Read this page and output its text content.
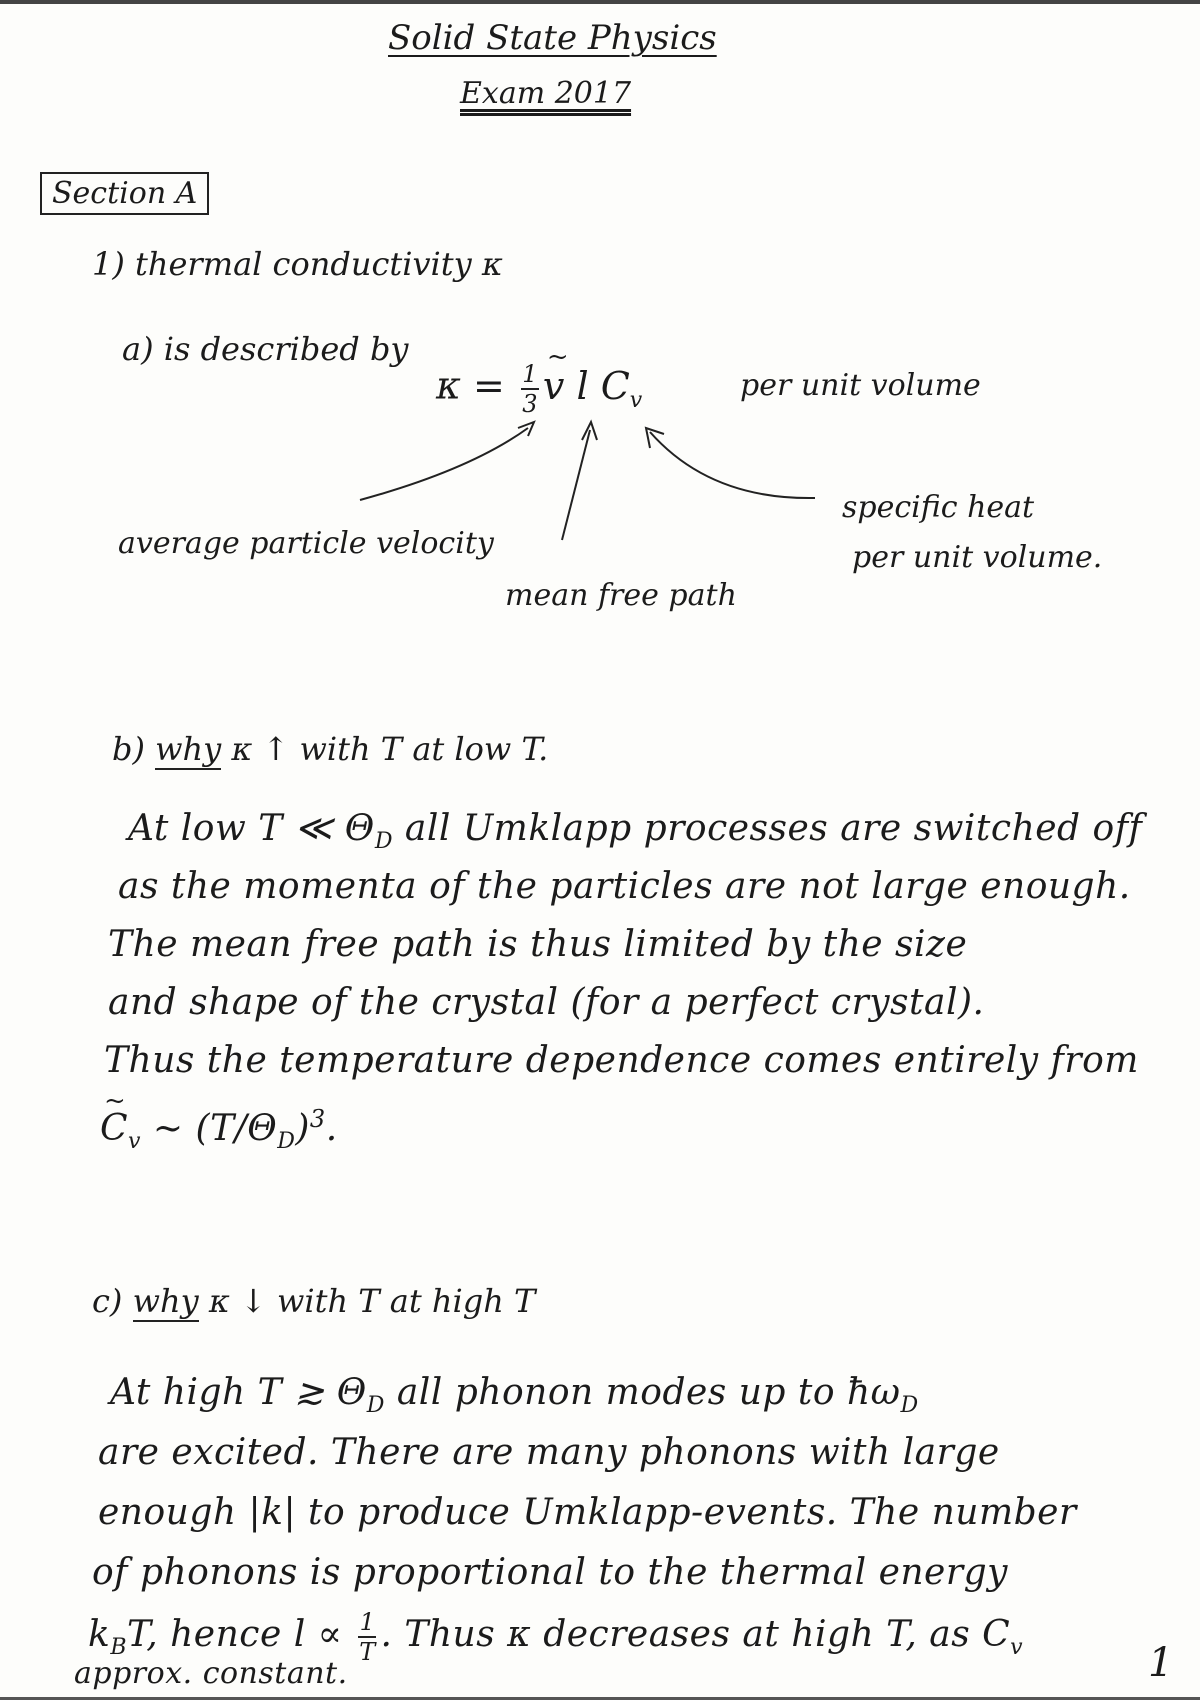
Solid State Physics
Exam 2017
Section A
1) thermal conductivity κ
a) is described by
$\kappa = \frac{1}{3}$
~ v l $C_v$	per unit volume
average particle velocity
mean free path
specific heat
per unit volume.
b) why κ ↑ with T at low T.
At low T ≪ $\Theta_D$ all Umklapp processes are switched off
as the momenta of the particles are not large enough.
The mean free path is thus limited by the size
and shape of the crystal (for a perfect crystal).
Thus the temperature dependence comes entirely from
~ $C_v$ ~ $(T/\Theta_D)^3$.
c) why κ ↓ with T at high T
At high T ≳ $\Theta_D$ all phonon modes up to $ħ\omega_D$
are excited. There are many phonons with large
enough |k| to produce Umklapp-events. The number
of phonons is proportional to the thermal energy
$k_BT$, hence $l \propto \frac{1}{T}$ . Thus κ decreases at high T, as $C_v$
approx. constant.	1
